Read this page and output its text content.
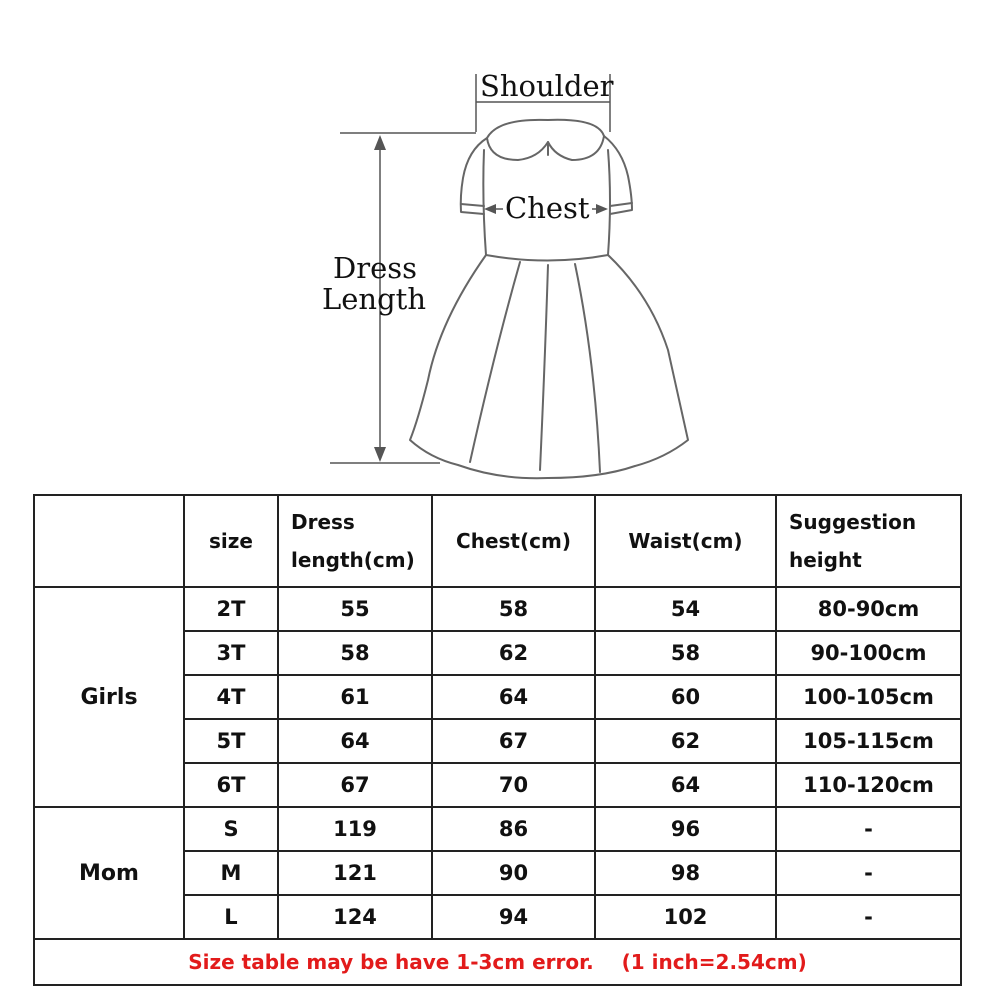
Shoulder
Chest
Dress
Length
	size	Dress length(cm)	Chest(cm)	Waist(cm)	Suggestion height
Girls	2T	55	58	54	80-90cm
	3T	58	62	58	90-100cm
	4T	61	64	60	100-105cm
	5T	64	67	62	105-115cm
	6T	67	70	64	110-120cm
Mom	S	119	86	96	-
	M	121	90	98	-
	L	124	94	102	-
Size table may be have 1-3cm error.    (1 inch=2.54cm)					
